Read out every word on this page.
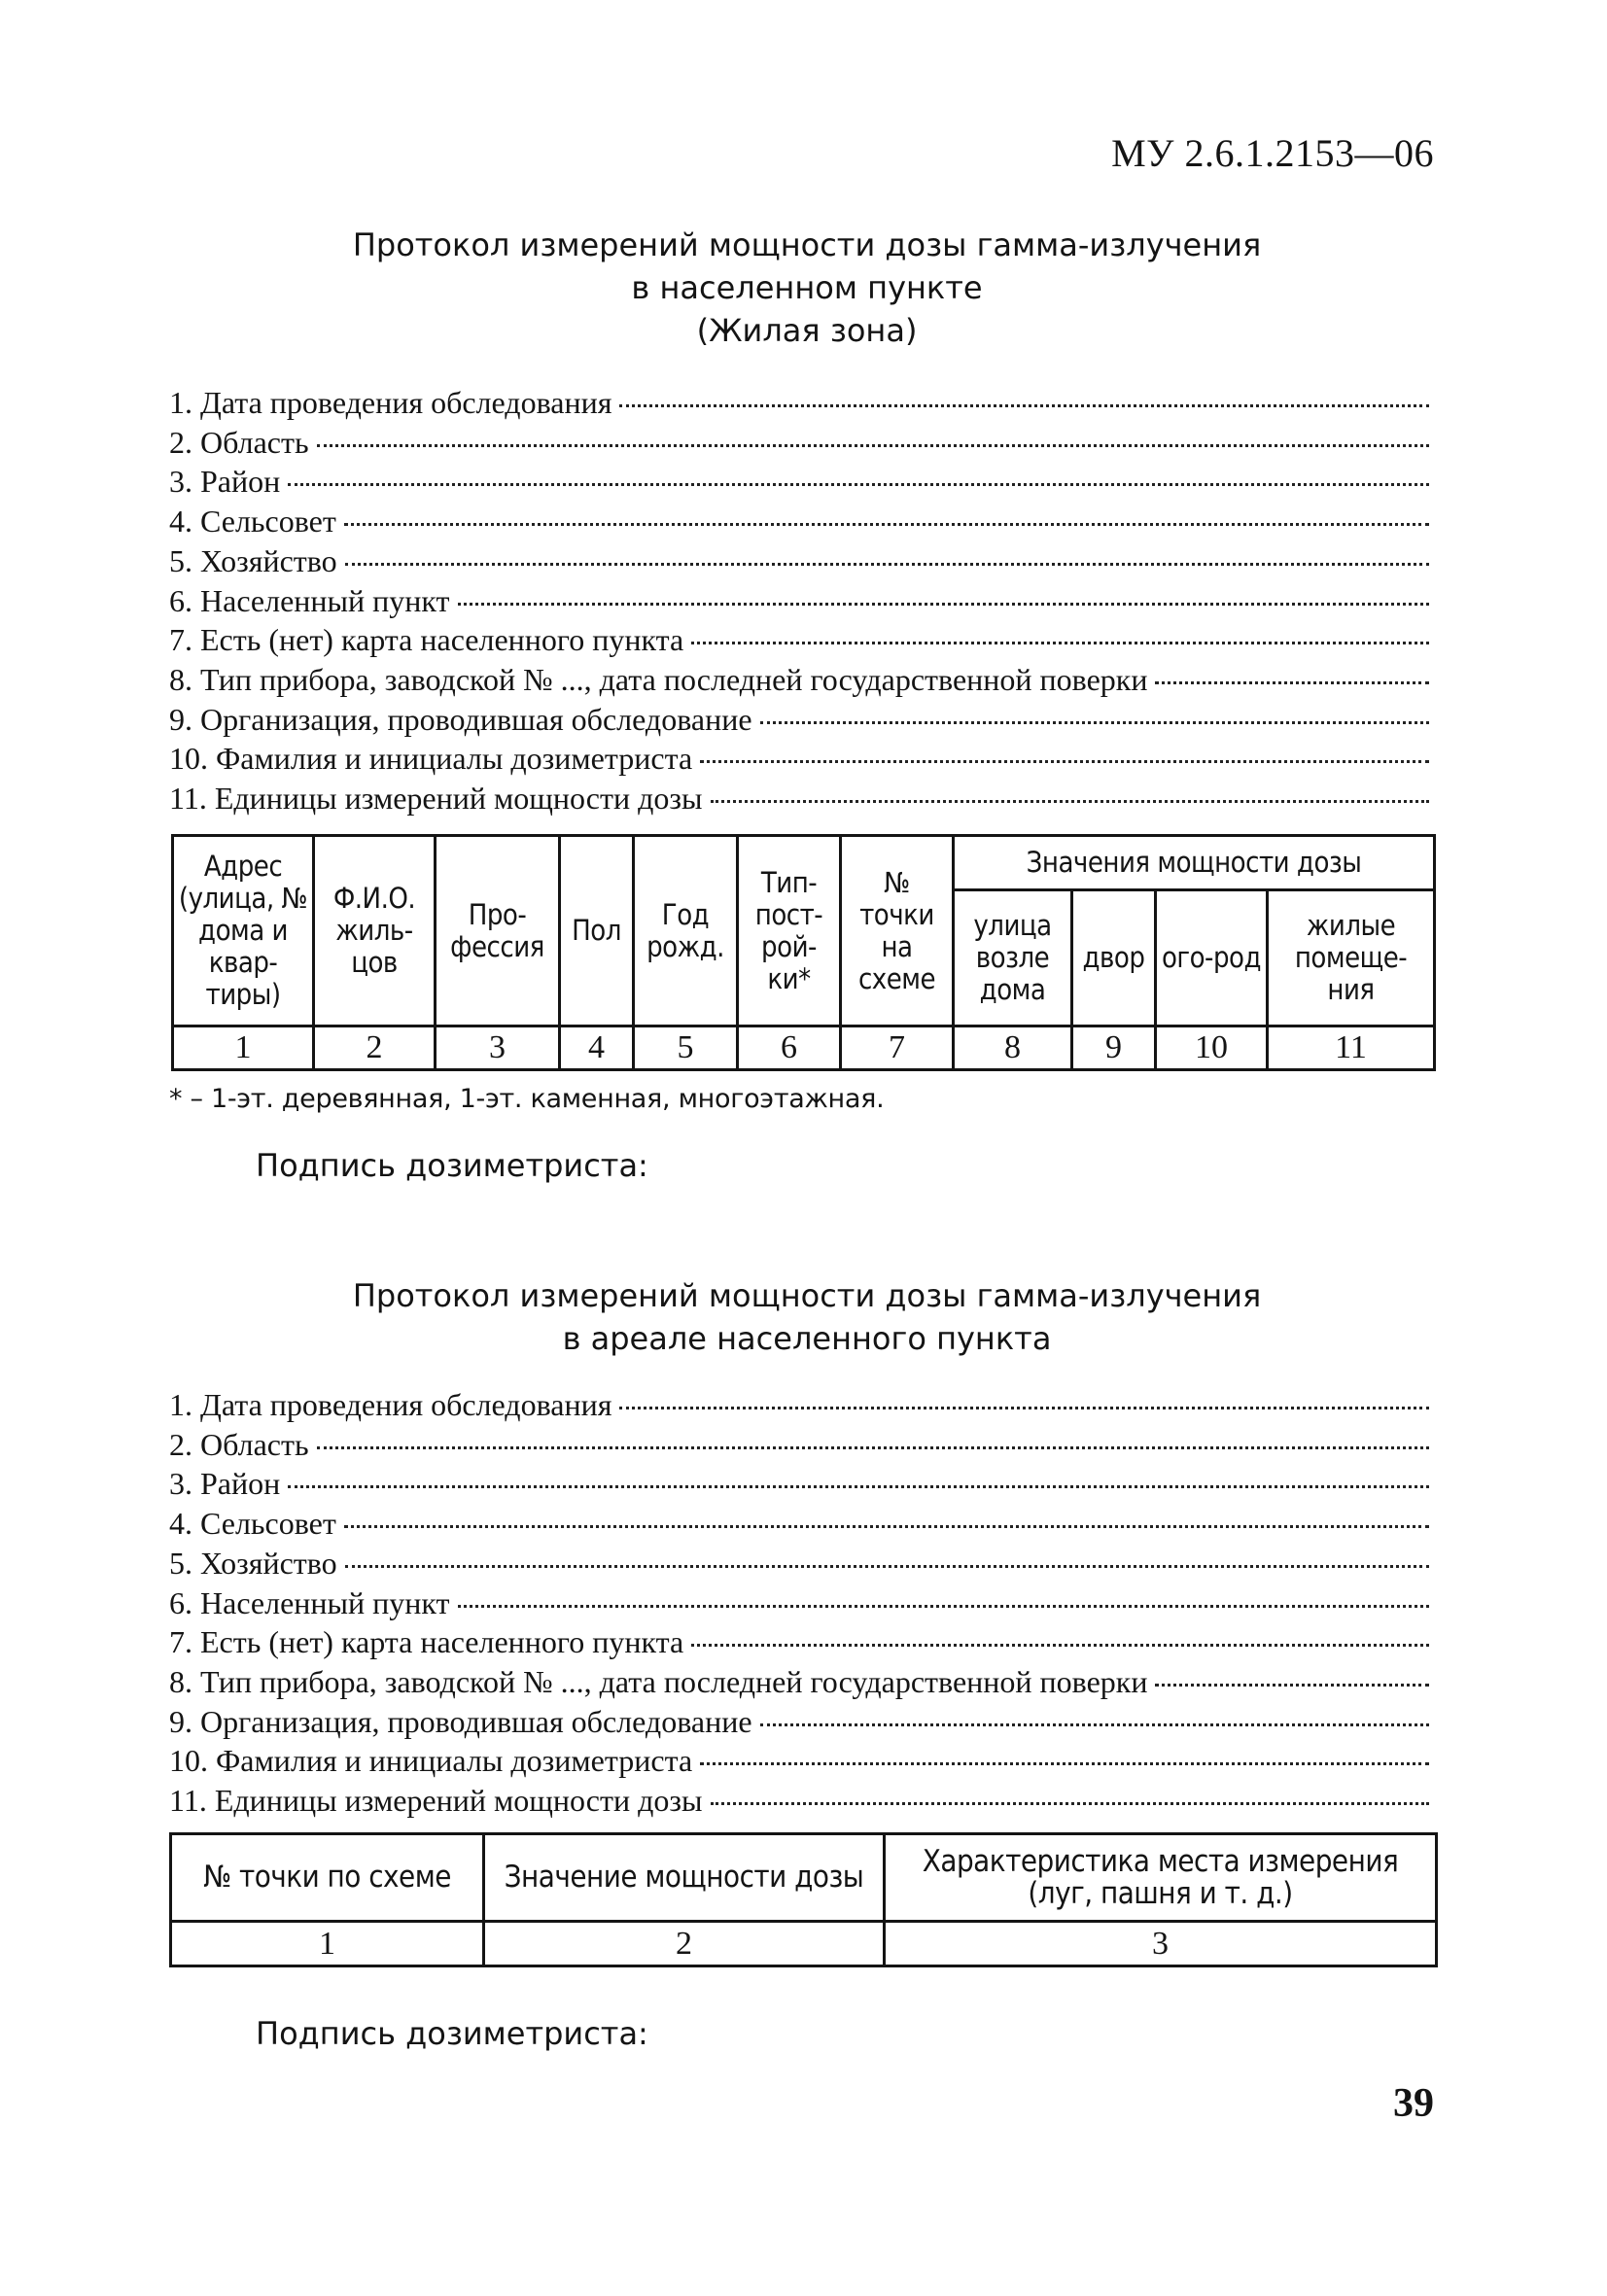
МУ 2.6.1.2153—06
Протокол измерений мощности дозы гамма-излучения
в населенном пункте
(Жилая зона)
1. Дата проведения обследования
2. Область
3. Район
4. Сельсовет
5. Хозяйство
6. Населенный пункт
7. Есть (нет) карта населенного пункта
8. Тип прибора, заводской № ..., дата последней государственной поверки
9. Организация, проводившая обследование
10. Фамилия и инициалы дозиметриста
11. Единицы измерений мощности дозы
Адрес (улица, № дома и квар-тиры)	Ф.И.О. жиль-цов	Про-фессия	Пол	Год рожд.	Тип-пост-рой-ки*	№ точки на схеме	Значения мощности дозы			
							улица возле дома	двор	ого-род	жилые помеще-ния
1	2	3	4	5	6	7	8	9	10	11
* – 1-эт. деревянная, 1-эт. каменная, многоэтажная.
Подпись дозиметриста:
Протокол измерений мощности дозы гамма-излучения
в ареале населенного пункта
1. Дата проведения обследования
2. Область
3. Район
4. Сельсовет
5. Хозяйство
6. Населенный пункт
7. Есть (нет) карта населенного пункта
8. Тип прибора, заводской № ..., дата последней государственной поверки
9. Организация, проводившая обследование
10. Фамилия и инициалы дозиметриста
11. Единицы измерений мощности дозы
№ точки по схеме	Значение мощности дозы	Характеристика места измерения (луг, пашня и т. д.)
1	2	3
Подпись дозиметриста:
39
